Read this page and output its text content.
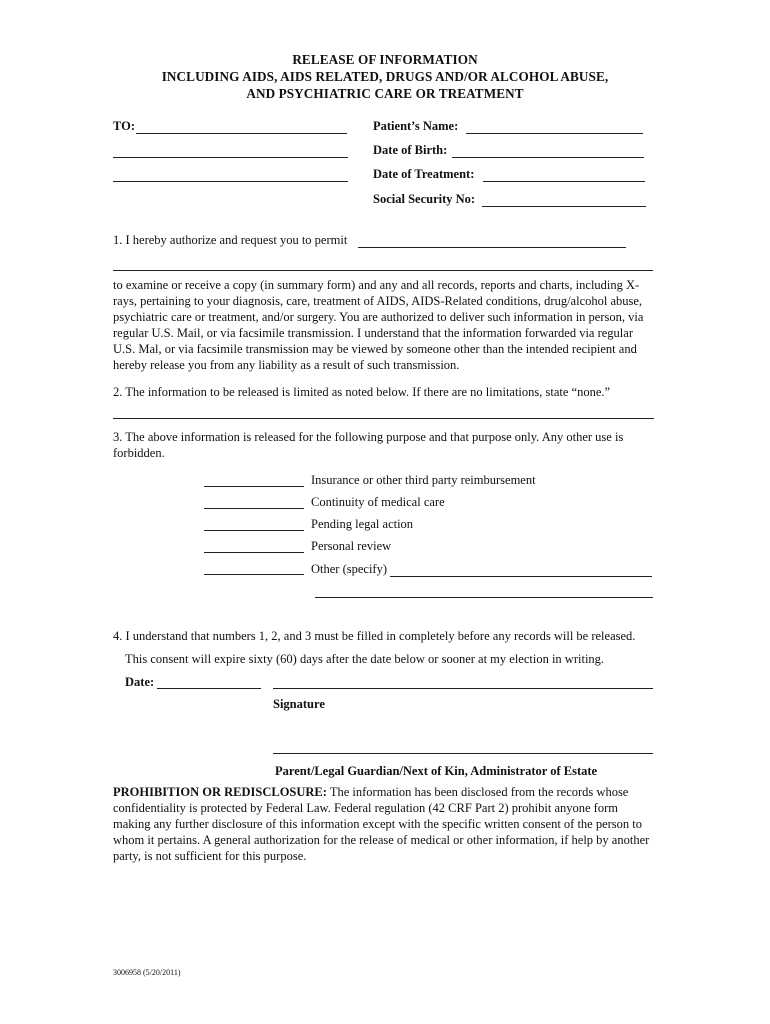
RELEASE OF INFORMATION
INCLUDING AIDS, AIDS RELATED, DRUGS AND/OR ALCOHOL ABUSE,
AND PSYCHIATRIC CARE OR TREATMENT
TO:	Patient’s Name:
Date of Birth:
Date of Treatment:
Social Security No:
1. I hereby authorize and request you to permit
to examine or receive a copy (in summary form) and any and all records, reports and charts, including X-rays, pertaining to your diagnosis, care, treatment of AIDS, AIDS-Related conditions, drug/alcohol abuse, psychiatric care or treatment, and/or surgery. You are authorized to deliver such information in person, via regular U.S. Mail, or via facsimile transmission. I understand that the information forwarded via regular U.S. Mal, or via facsimile transmission may be viewed by someone other than the intended recipient and hereby release you from any liability as a result of such transmission.
2. The information to be released is limited as noted below. If there are no limitations, state “none.”
3. The above information is released for the following purpose and that purpose only. Any other use is forbidden.
Insurance or other third party reimbursement
Continuity of medical care
Pending legal action
Personal review
Other (specify)
4. I understand that numbers 1, 2, and 3 must be filled in completely before any records will be released.
This consent will expire sixty (60) days after the date below or sooner at my election in writing.
Date:
Signature
Parent/Legal Guardian/Next of Kin, Administrator of Estate
PROHIBITION OR REDISCLOSURE: The information has been disclosed from the records whose confidentiality is protected by Federal Law. Federal regulation (42 CRF Part 2) prohibit anyone form making any further disclosure of this information except with the specific written consent of the person to whom it pertains. A general authorization for the release of medical or other information, if help by another party, is not sufficient for this purpose.
3006958 (5/20/2011)
